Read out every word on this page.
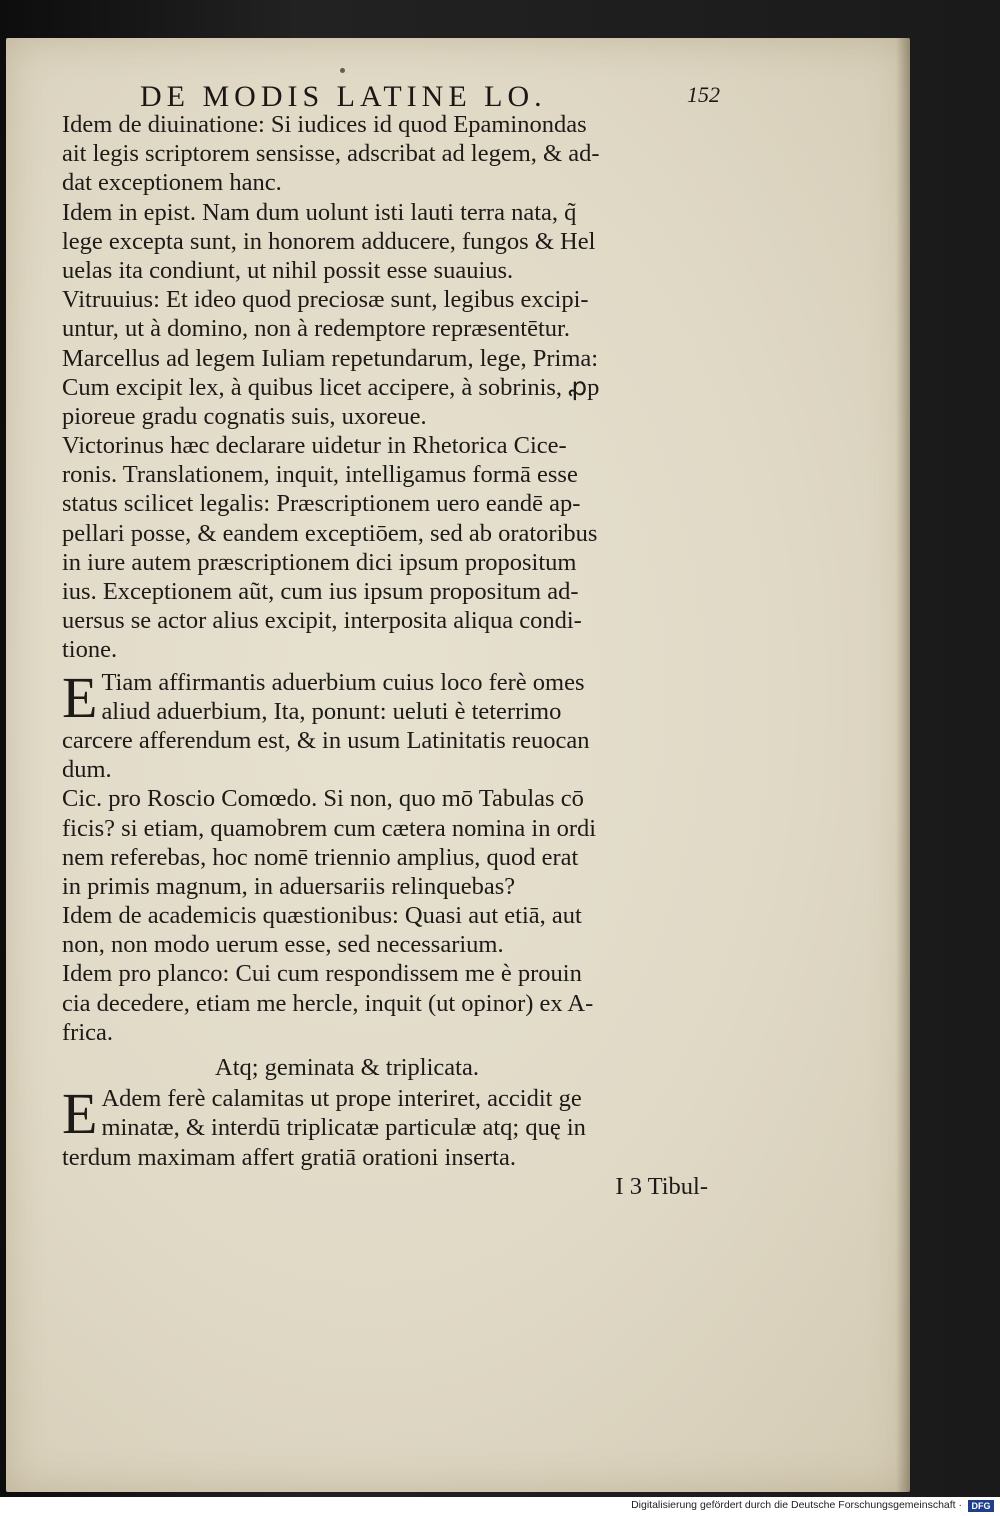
DE MODIS LATINE LO.	152
Idem de diuinatione: Si iudices id quod Epaminondas
ait legis scriptorem sensisse, adscribat ad legem, & ad-
dat exceptionem hanc.
Idem in epist. Nam dum uolunt isti lauti terra nata, q̃
lege excepta sunt, in honorem adducere, fungos & Hel
uelas ita condiunt, ut nihil possit esse suauius.
Vitruuius: Et ideo quod preciosæ sunt, legibus excipi-
untur, ut à domino, non à redemptore repræsentētur.
Marcellus ad legem Iuliam repetundarum, lege, Prima:
Cum excipit lex, à quibus licet accipere, à sobrinis, ꝓp
pioreue gradu cognatis suis, uxoreue.
Victorinus hæc declarare uidetur in Rhetorica Cice-
ronis. Translationem, inquit, intelligamus formā esse
status scilicet legalis: Præscriptionem uero eandē ap-
pellari posse, & eandem exceptiōem, sed ab oratoribus
in iure autem præscriptionem dici ipsum propositum
ius. Exceptionem aũt, cum ius ipsum propositum ad-
uersus se actor alius excipit, interposita aliqua condi-
tione.
E Tiam affirmantis aduerbium cuius loco ferè omes
aliud aduerbium, Ita, ponunt: ueluti è teterrimo
carcere afferendum est, & in usum Latinitatis reuocan
dum.
Cic. pro Roscio Comœdo. Si non, quo mō Tabulas cō
ficis? si etiam, quamobrem cum cætera nomina in ordi
nem referebas, hoc nomē triennio amplius, quod erat
in primis magnum, in aduersariis relinquebas?
Idem de academicis quæstionibus: Quasi aut etiā, aut
non, non modo uerum esse, sed necessarium.
Idem pro planco: Cui cum respondissem me è prouin
cia decedere, etiam me hercle, inquit (ut opinor) ex A-
frica.
Atq; geminata & triplicata.
E Adem ferè calamitas ut prope interiret, accidit ge
minatæ, & interdū triplicatæ particulæ atq; quę in
terdum maximam affert gratiā orationi inserta.
I 3 Tibul-
Digitalisierung gefördert durch die Deutsche Forschungsgemeinschaft ·	DFG
